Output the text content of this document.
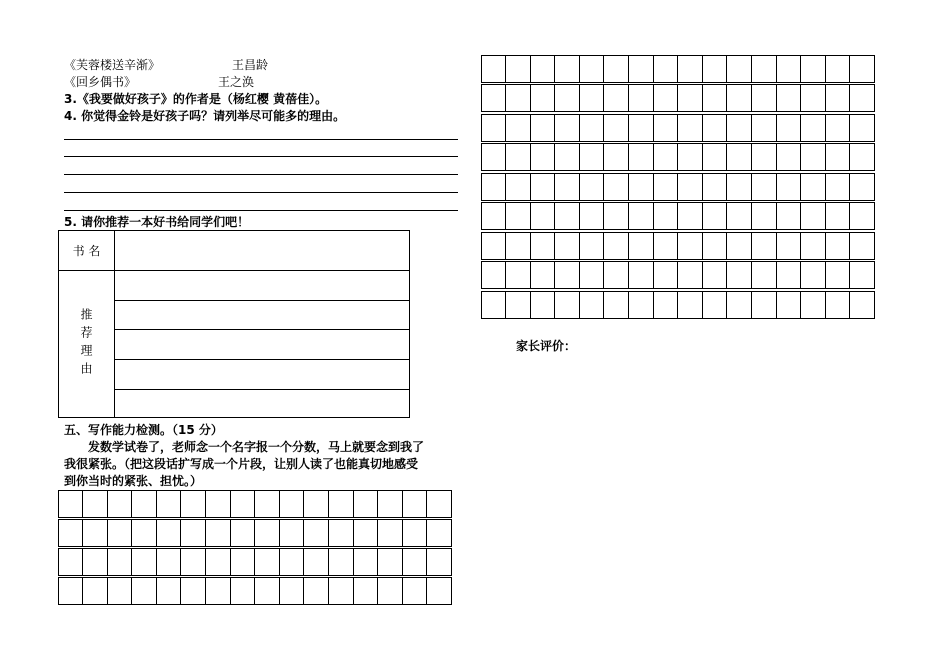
《芙蓉楼送辛渐》	王昌龄
《回乡偶书》	王之涣
3.《我要做好孩子》的作者是（杨红樱 黄蓓佳）。
4. 你觉得金铃是好孩子吗？请列举尽可能多的理由。
5. 请你推荐一本好书给同学们吧！
书 名
推荐理由
五、写作能力检测。（15 分）
　　发数学试卷了，老师念一个名字报一个分数，马上就要念到我了
我很紧张。（把这段话扩写成一个片段，让别人读了也能真切地感受
到你当时的紧张、担忧。）
家长评价：
